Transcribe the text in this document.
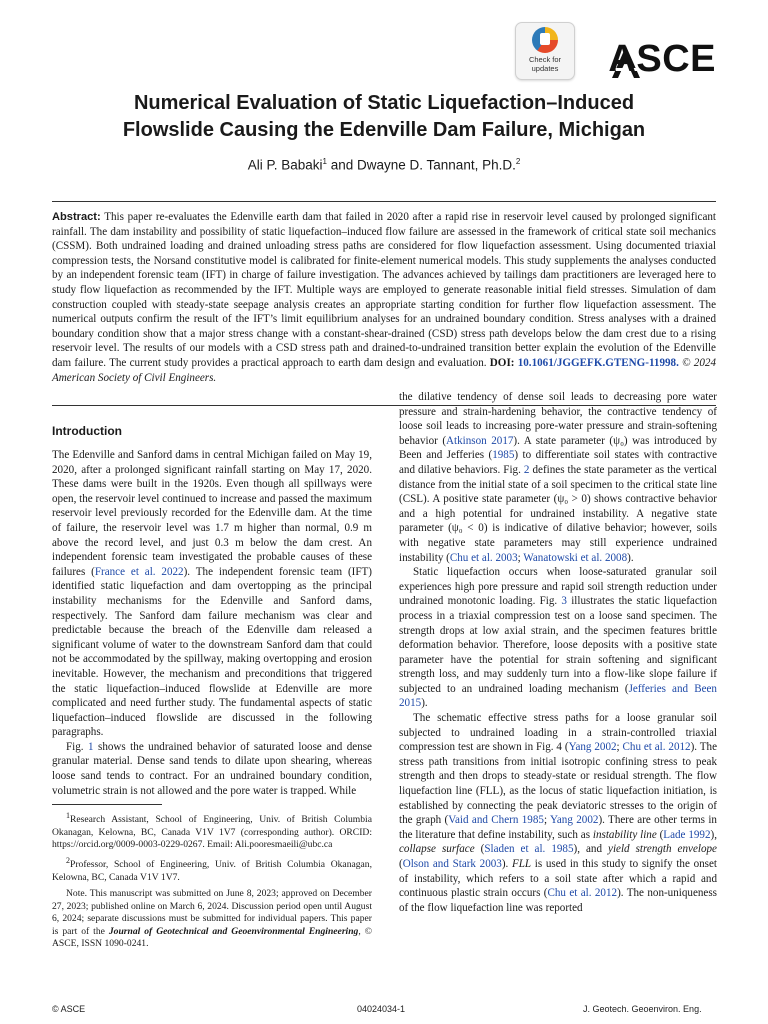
Check for
updates	ASCE
Numerical Evaluation of Static Liquefaction–Induced
Flowslide Causing the Edenville Dam Failure, Michigan
Ali P. Babaki$^1$ and Dwayne D. Tannant, Ph.D.$^2$
Abstract: This paper re-evaluates the Edenville earth dam that failed in 2020 after a rapid rise in reservoir level caused by prolonged significant rainfall. The dam instability and possibility of static liquefaction–induced flow failure are assessed in the framework of critical state soil mechanics (CSSM). Both undrained loading and drained unloading stress paths are considered for flow liquefaction assessment. Using documented triaxial compression tests, the Norsand constitutive model is calibrated for finite-element numerical models. This study supplements the analyses conducted by an independent forensic team (IFT) in charge of failure investigation. The advances achieved by tailings dam practitioners are leveraged here to study flow liquefaction as recommended by the IFT. Multiple ways are employed to generate reasonable initial field stresses. Simulation of dam construction coupled with steady-state seepage analysis creates an appropriate starting condition for further flow liquefaction assessment. The numerical outputs confirm the result of the IFT’s limit equilibrium analyses for an undrained boundary condition. Stress analyses with a drained boundary condition show that a major stress change with a constant-shear-drained (CSD) stress path develops below the dam crest due to a rising reservoir level. The results of our models with a CSD stress path and drained-to-undrained transition better explain the evolution of the Edenville dam failure. The current study provides a practical approach to earth dam design and evaluation. DOI: 10.1061/JGGEFK.GTENG-11998. © 2024 American Society of Civil Engineers.
Introduction

The Edenville and Sanford dams in central Michigan failed on May 19, 2020, after a prolonged significant rainfall starting on May 17, 2020. These dams were built in the 1920s. Even though all spillways were open, the reservoir level continued to increase and passed the maximum reservoir level previously recorded for the Edenville dam. At the time of failure, the reservoir level was 1.7 m higher than normal, 0.9 m above the record level, and just 0.3 m below the dam crest. An independent forensic team investigated the probable causes of these failures (France et al. 2022). The independent forensic team (IFT) identified static liquefaction and dam overtopping as the principal instability mechanisms for the Edenville and Sanford dams, respectively. The Sanford dam failure mechanism was clear and predictable because the breach of the Edenville dam released a significant volume of water to the downstream Sanford dam that could not be accommodated by the spillway, making overtopping and erosion inevitable. However, the mechanism and preconditions that triggered the static liquefaction–induced flowslide at Edenville are more complicated and need further study. The fundamental aspects of static liquefaction–induced flowslide are discussed in the following paragraphs.

Fig. 1 shows the undrained behavior of saturated loose and dense granular material. Dense sand tends to dilate upon shearing, whereas loose sand tends to contract. For an undrained boundary condition, volumetric strain is not allowed and the pore water is trapped. While

$^1$Research Assistant, School of Engineering, Univ. of British Columbia Okanagan, Kelowna, BC, Canada V1V 1V7 (corresponding author). ORCID: https://orcid.org/0009-0003-0229-0267. Email: Ali.pooresmaeili@ubc.ca

$^2$Professor, School of Engineering, Univ. of British Columbia Okanagan, Kelowna, BC, Canada V1V 1V7.

Note. This manuscript was submitted on June 8, 2023; approved on December 27, 2023; published online on March 6, 2024. Discussion period open until August 6, 2024; separate discussions must be submitted for individual papers. This paper is part of the Journal of Geotechnical and Geoenvironmental Engineering, © ASCE, ISSN 1090-0241.

the dilative tendency of dense soil leads to decreasing pore water pressure and strain-hardening behavior, the contractive tendency of loose soil leads to increasing pore-water pressure and strain-softening behavior (Atkinson 2017). A state parameter (ψ₀) was introduced by Been and Jefferies (1985) to differentiate soil states with contractive and dilative behaviors. Fig. 2 defines the state parameter as the vertical distance from the initial state of a soil specimen to the critical state line (CSL). A positive state parameter (ψ₀ > 0) shows contractive behavior and a high potential for undrained instability. A negative state parameter (ψ₀ < 0) is indicative of dilative behavior; however, soils with negative state parameters may still experience undrained instability (Chu et al. 2003; Wanatowski et al. 2008).

Static liquefaction occurs when loose-saturated granular soil experiences high pore pressure and rapid soil strength reduction under undrained monotonic loading. Fig. 3 illustrates the static liquefaction process in a triaxial compression test on a loose sand specimen. The strength drops at low axial strain, and the specimen features brittle deformation behavior. Therefore, loose deposits with a positive state parameter have the potential for strain softening and significant strength loss, and may suddenly turn into a flow-like slope failure if subjected to an undrained loading mechanism (Jefferies and Been 2015).

The schematic effective stress paths for a loose granular soil subjected to undrained loading in a strain-controlled triaxial compression test are shown in Fig. 4 (Yang 2002; Chu et al. 2012). The stress path transitions from initial isotropic confining stress to peak strength and then drops to steady-state or residual strength. The flow liquefaction line (FLL), as the locus of static liquefaction initiation, is established by connecting the peak deviatoric stresses to the origin of the graph (Vaid and Chern 1985; Yang 2002). There are other terms in the literature that define instability, such as instability line (Lade 1992), collapse surface (Sladen et al. 1985), and yield strength envelope (Olson and Stark 2003). FLL is used in this study to signify the onset of instability, which refers to a soil state after which a rapid and continuous plastic strain occurs (Chu et al. 2012). The non-uniqueness of the flow liquefaction line was reported

© ASCE	04024034-1	J. Geotech. Geoenviron. Eng.
